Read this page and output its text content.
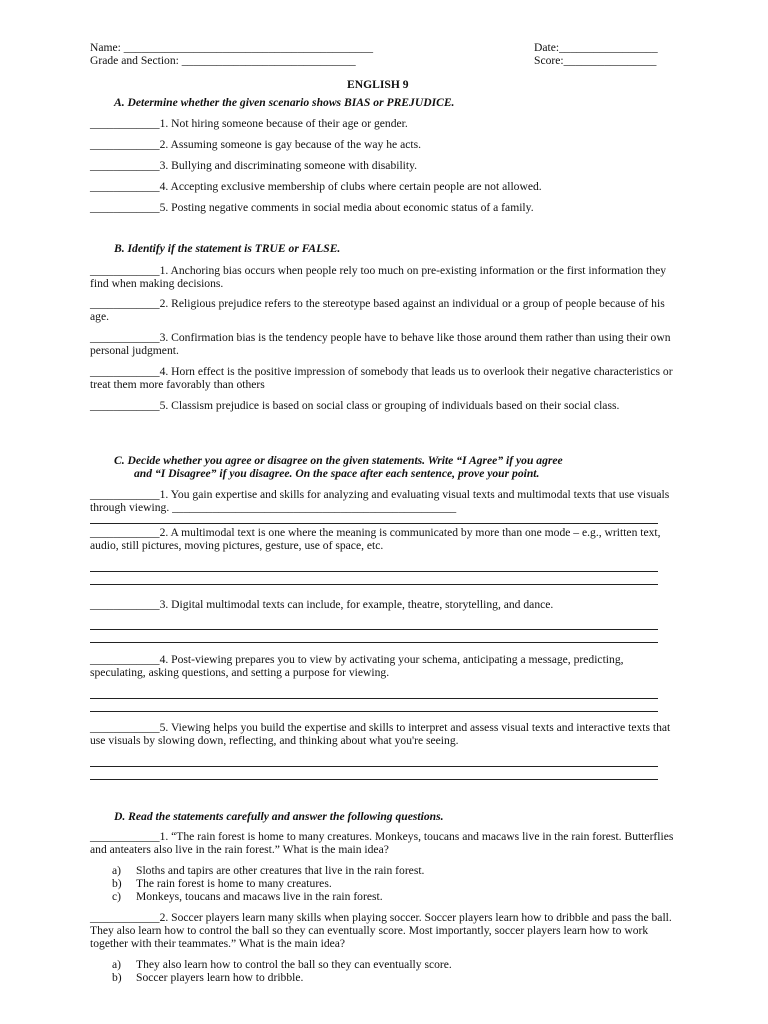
Name: ___________________________________________
Grade and Section: ______________________________
Date:_________________
Score:________________
ENGLISH 9
A. Determine whether the given scenario shows BIAS or PREJUDICE.
____________1. Not hiring someone because of their age or gender.
____________2. Assuming someone is gay because of the way he acts.
____________3. Bullying and discriminating someone with disability.
____________4. Accepting exclusive membership of clubs where certain people are not allowed.
____________5. Posting negative comments in social media about economic status of a family.
B. Identify if the statement is TRUE or FALSE.
____________1. Anchoring bias occurs when people rely too much on pre-existing information or the first information they find when making decisions.
____________2. Religious prejudice refers to the stereotype based against an individual or a group of people because of his age.
____________3. Confirmation bias is the tendency people have to behave like those around them rather than using their own personal judgment.
____________4. Horn effect is the positive impression of somebody that leads us to overlook their negative characteristics or treat them more favorably than others
____________5. Classism prejudice is based on social class or grouping of individuals based on their social class.
C. Decide whether you agree or disagree on the given statements. Write “I Agree” if you agree
and “I Disagree” if you disagree. On the space after each sentence, prove your point.
____________1. You gain expertise and skills for analyzing and evaluating visual texts and multimodal texts that use visuals through viewing. _________________________________________________
____________2. A multimodal text is one where the meaning is communicated by more than one mode – e.g., written text, audio, still pictures, moving pictures, gesture, use of space, etc.
____________3. Digital multimodal texts can include, for example, theatre, storytelling, and dance.
____________4. Post-viewing prepares you to view by activating your schema, anticipating a message, predicting, speculating, asking questions, and setting a purpose for viewing.
____________5. Viewing helps you build the expertise and skills to interpret and assess visual texts and interactive texts that use visuals by slowing down, reflecting, and thinking about what you're seeing.
D. Read the statements carefully and answer the following questions.
____________1. “The rain forest is home to many creatures. Monkeys, toucans and macaws live in the rain forest. Butterflies and anteaters also live in the rain forest.” What is the main idea?
a) Sloths and tapirs are other creatures that live in the rain forest.
b) The rain forest is home to many creatures.
c) Monkeys, toucans and macaws live in the rain forest.
____________2. Soccer players learn many skills when playing soccer. Soccer players learn how to dribble and pass the ball. They also learn how to control the ball so they can eventually score. Most importantly, soccer players learn how to work together with their teammates.” What is the main idea?
a) They also learn how to control the ball so they can eventually score.
b) Soccer players learn how to dribble.
